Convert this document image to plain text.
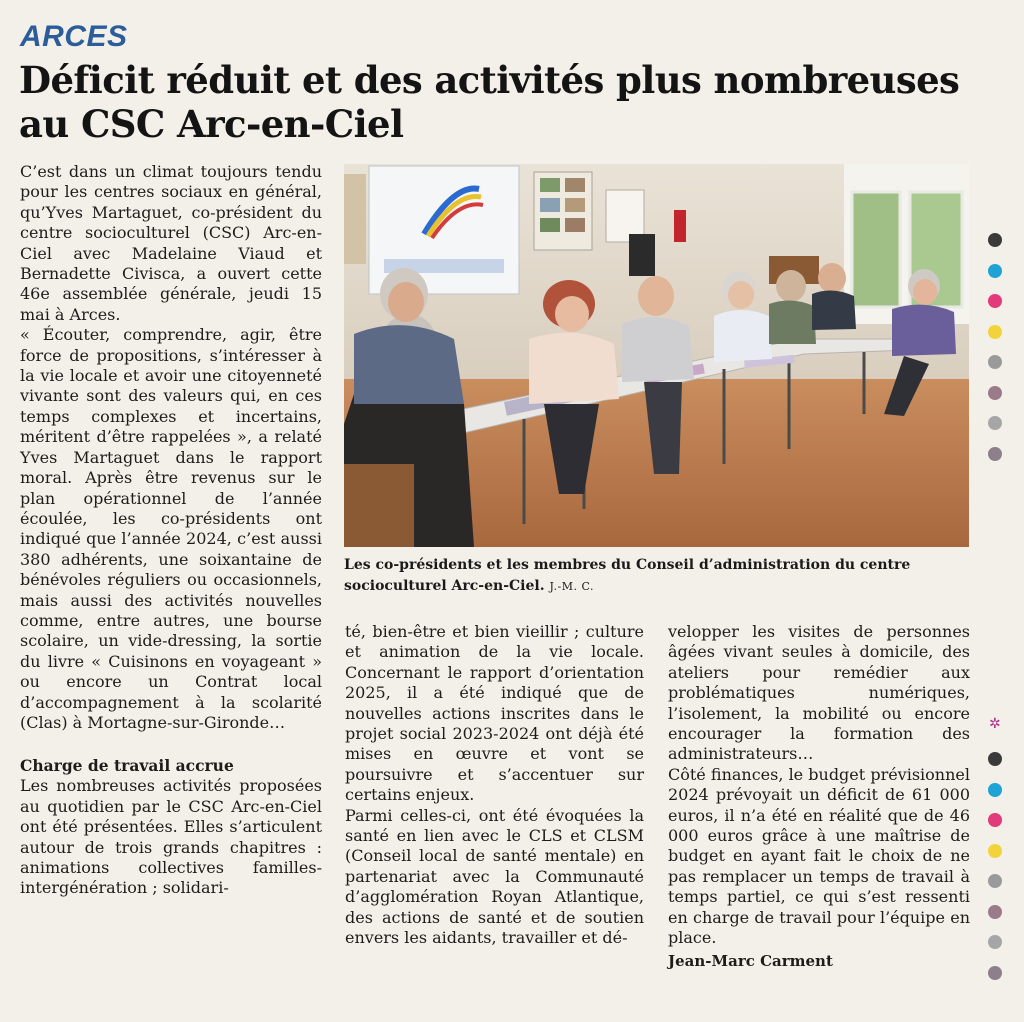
ARCES
Déficit réduit et des activités plus nombreuses au CSC Arc-en-Ciel

C’est dans un climat toujours tendu pour les centres sociaux en général, qu’Yves Martaguet, co-président du centre socioculturel (CSC) Arc-en-Ciel avec Madelaine Viaud et Bernadette Civisca, a ouvert cette 46e assemblée générale, jeudi 15 mai à Arces.

« Écouter, comprendre, agir, être force de propositions, s’intéresser à la vie locale et avoir une citoyenneté vivante sont des valeurs qui, en ces temps complexes et incertains, méritent d’être rappelées », a relaté Yves Martaguet dans le rapport moral. Après être revenus sur le plan opérationnel de l’année écoulée, les co-présidents ont indiqué que l’année 2024, c’est aussi 380 adhérents, une soixantaine de bénévoles réguliers ou occasionnels, mais aussi des activités nouvelles comme, entre autres, une bourse scolaire, un vide-dressing, la sortie du livre « Cuisinons en voyageant » ou encore un Contrat local d’accompagnement à la scolarité (Clas) à Mortagne-sur-Gironde…

Charge de travail accrue

Les nombreuses activités proposées au quotidien par le CSC Arc-en-Ciel ont été présentées. Elles s’articulent autour de trois grands chapitres : animations collectives familles-intergénération ; solidari-

Les co-présidents et les membres du Conseil d’administration du centre socioculturel Arc-en-Ciel. J.-M. C.

té, bien-être et bien vieillir ; culture et animation de la vie locale. Concernant le rapport d’orientation 2025, il a été indiqué que de nouvelles actions inscrites dans le projet social 2023-2024 ont déjà été mises en œuvre et vont se poursuivre et s’accentuer sur certains enjeux.

Parmi celles-ci, ont été évoquées la santé en lien avec le CLS et CLSM (Conseil local de santé mentale) en partenariat avec la Communauté d’agglomération Royan Atlantique, des actions de santé et de soutien envers les aidants, travailler et dé-

velopper les visites de personnes âgées vivant seules à domicile, des ateliers pour remédier aux problématiques numériques, l’isolement, la mobilité ou encore encourager la formation des administrateurs…

Côté finances, le budget prévisionnel 2024 prévoyait un déficit de 61 000 euros, il n’a été en réalité que de 46 000 euros grâce à une maîtrise de budget en ayant fait le choix de ne pas remplacer un temps de travail à temps partiel, ce qui s’est ressenti en charge de travail pour l’équipe en place.

Jean-Marc Carment
✲
